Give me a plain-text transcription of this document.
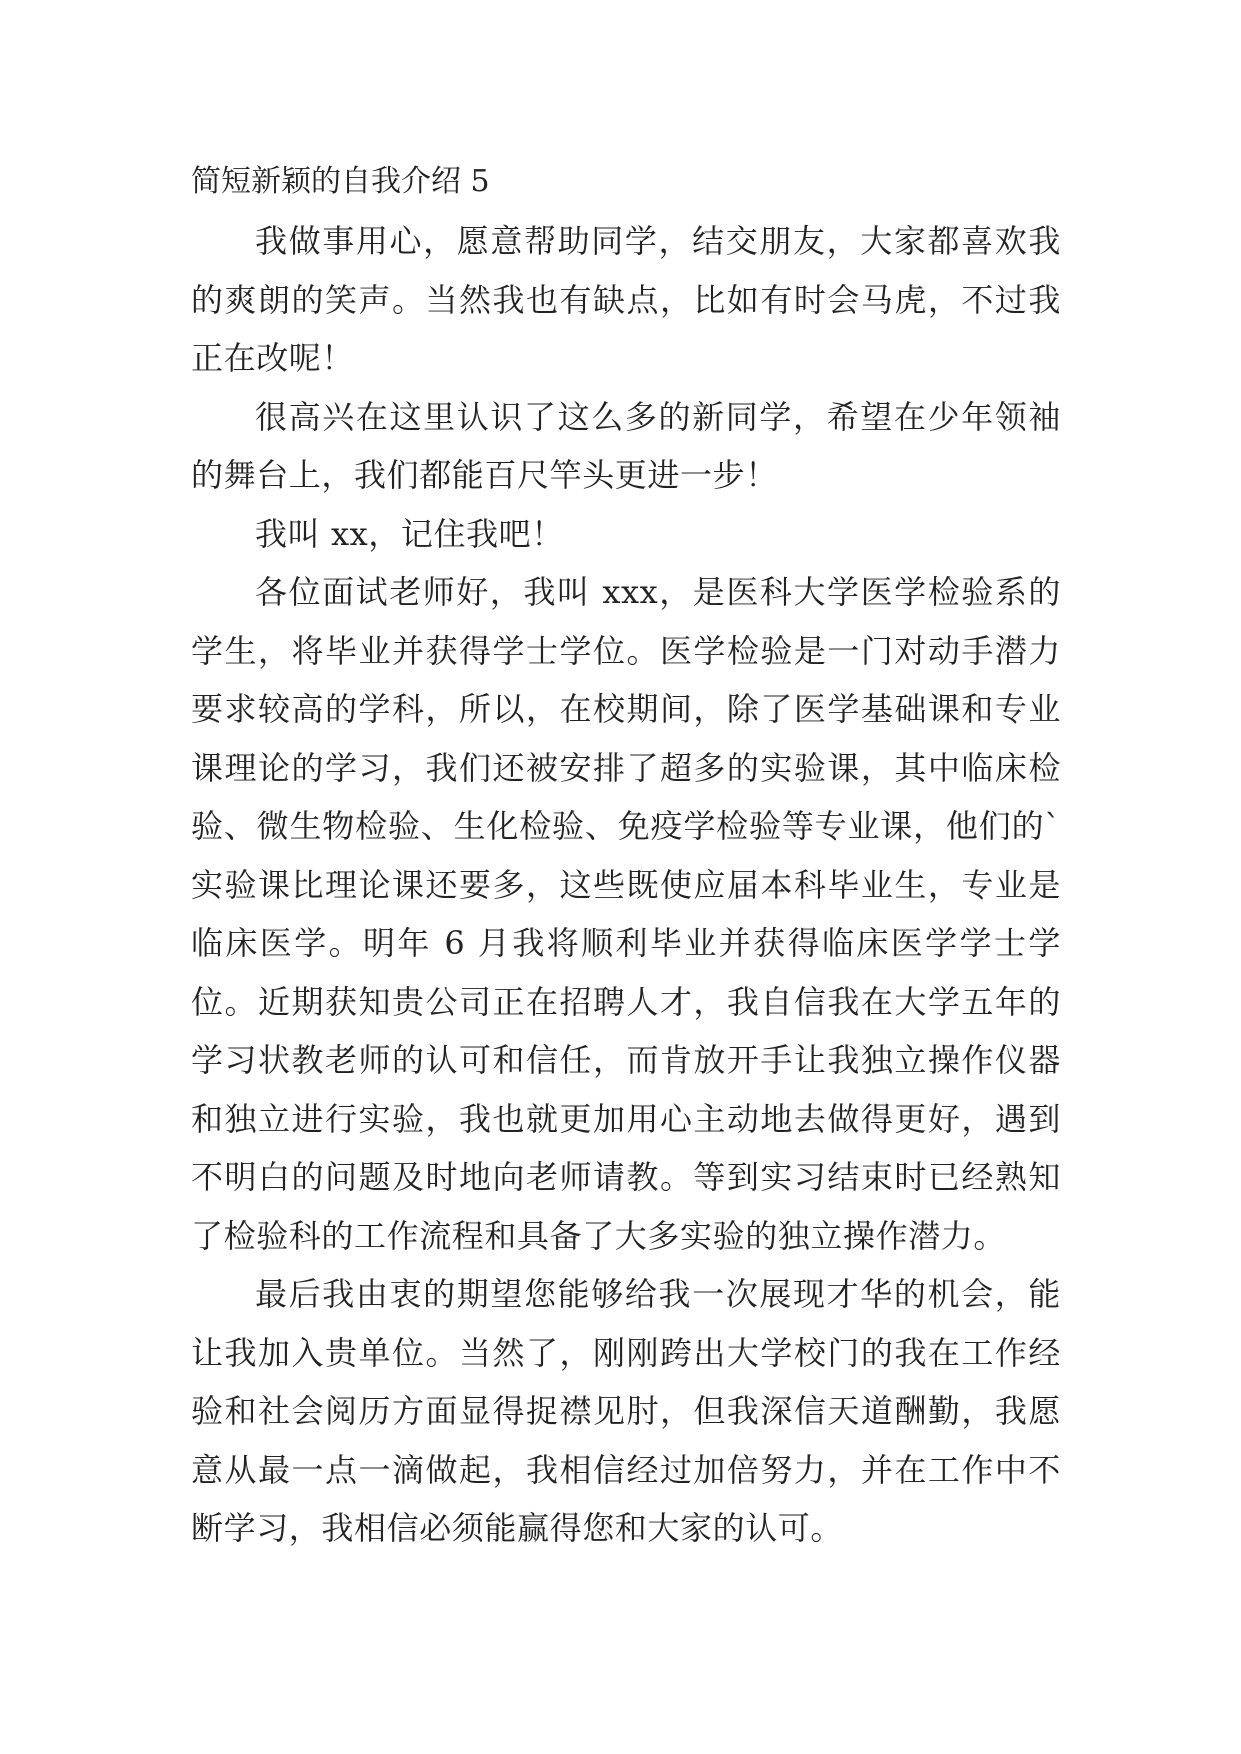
简短新颖的自我介绍 5

我做事用心，愿意帮助同学，结交朋友，大家都喜欢我的爽朗的笑声。当然我也有缺点，比如有时会马虎，不过我正在改呢！

很高兴在这里认识了这么多的新同学，希望在少年领袖的舞台上，我们都能百尺竿头更进一步！

我叫 xx，记住我吧！

各位面试老师好，我叫 xxx，是医科大学医学检验系的学生，将毕业并获得学士学位。医学检验是一门对动手潜力要求较高的学科，所以，在校期间，除了医学基础课和专业课理论的学习，我们还被安排了超多的实验课，其中临床检验、微生物检验、生化检验、免疫学检验等专业课，他们的`实验课比理论课还要多，这些既使应届本科毕业生，专业是临床医学。明年 6 月我将顺利毕业并获得临床医学学士学位。近期获知贵公司正在招聘人才，我自信我在大学五年的学习状教老师的认可和信任，而肯放开手让我独立操作仪器和独立进行实验，我也就更加用心主动地去做得更好，遇到不明白的问题及时地向老师请教。等到实习结束时已经熟知了检验科的工作流程和具备了大多实验的独立操作潜力。

最后我由衷的期望您能够给我一次展现才华的机会，能让我加入贵单位。当然了，刚刚跨出大学校门的我在工作经验和社会阅历方面显得捉襟见肘，但我深信天道酬勤，我愿意从最一点一滴做起，我相信经过加倍努力，并在工作中不断学习，我相信必须能赢得您和大家的认可。
